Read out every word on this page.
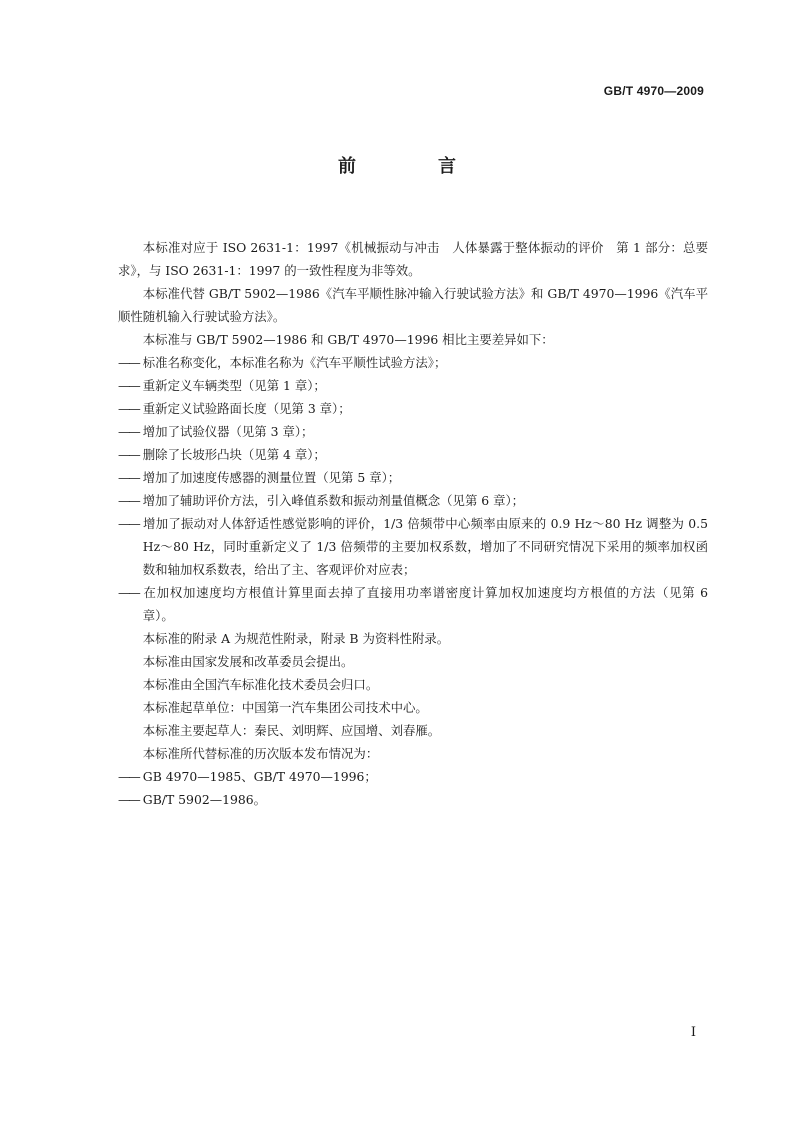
GB/T 4970—2009
前　言

本标准对应于 ISO 2631-1：1997《机械振动与冲击　人体暴露于整体振动的评价　第 1 部分：总要求》，与 ISO 2631-1：1997 的一致性程度为非等效。

本标准代替 GB/T 5902—1986《汽车平顺性脉冲输入行驶试验方法》和 GB/T 4970—1996《汽车平顺性随机输入行驶试验方法》。

本标准与 GB/T 5902—1986 和 GB/T 4970—1996 相比主要差异如下：

—— 标准名称变化，本标准名称为《汽车平顺性试验方法》；

—— 重新定义车辆类型（见第 1 章）；

—— 重新定义试验路面长度（见第 3 章）；

—— 增加了试验仪器（见第 3 章）；

—— 删除了长坡形凸块（见第 4 章）；

—— 增加了加速度传感器的测量位置（见第 5 章）；

—— 增加了辅助评价方法，引入峰值系数和振动剂量值概念（见第 6 章）；

—— 增加了振动对人体舒适性感觉影响的评价，1/3 倍频带中心频率由原来的 0.9 Hz～80 Hz 调整为 0.5 Hz～80 Hz，同时重新定义了 1/3 倍频带的主要加权系数，增加了不同研究情况下采用的频率加权函数和轴加权系数表，给出了主、客观评价对应表；

—— 在加权加速度均方根值计算里面去掉了直接用功率谱密度计算加权加速度均方根值的方法（见第 6 章）。

本标准的附录 A 为规范性附录，附录 B 为资料性附录。

本标准由国家发展和改革委员会提出。

本标准由全国汽车标准化技术委员会归口。

本标准起草单位：中国第一汽车集团公司技术中心。

本标准主要起草人：秦民、刘明辉、应国增、刘春雁。

本标准所代替标准的历次版本发布情况为：

—— GB 4970—1985、GB/T 4970—1996；

—— GB/T 5902—1986。

I
